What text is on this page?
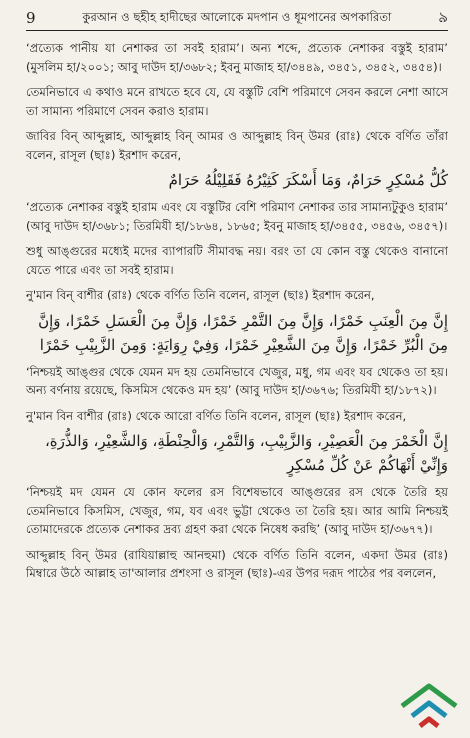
9	কুরআন ও ছহীহ হাদীছের আলোকে মদপান ও ধূমপানের অপকারিতা	৯

‘প্রত্যেক পানীয় যা নেশাকর তা সবই হারাম’। অন্য শব্দে, প্রত্যেক নেশাকর বস্তুই হারাম’ (মুসলিম হা/২০০১; আবু দাউদ হা/৩৬৮২; ইবনু মাজাহ হা/৩৪৪৯, ৩৪৫১, ৩৪৫২, ৩৪৫৪)।

তেমনিভাবে এ কথাও মনে রাখতে হবে যে, যে বস্তুটি বেশি পরিমাণে সেবন করলে নেশা আসে তা সামান্য পরিমাণে সেবন করাও হারাম।

জাবির বিন্ আব্দুল্লাহ, আব্দুল্লাহ বিন্ আমর ও আব্দুল্লাহ বিন্ উমর (রাঃ) থেকে বর্ণিত তাঁরা বলেন, রাসূল (ছাঃ) ইরশাদ করেন,

كُلُّ مُسْكِرٍ حَرَامٌ، وَمَا أَسْكَرَ كَثِيْرُهُ فَقَلِيْلُهُ حَرَامٌ

‘প্রত্যেক নেশাকর বস্তুই হারাম এবং যে বস্তুটির বেশি পরিমাণ নেশাকর তার সামান্যটুকুও হারাম’ (আবু দাউদ হা/৩৬৮১; তিরমিযী হা/১৮৬৪, ১৮৬৫; ইবনু মাজাহ হা/৩৪৫৫, ৩৪৫৬, ৩৪৫৭)।

শুধু আঙ্গুরের মধ্যেই মদের ব্যাপারটি সীমাবদ্ধ নয়। বরং তা যে কোন বস্তু থেকেও বানানো যেতে পারে এবং তা সবই হারাম।

নু'মান বিন্ বাশীর (রাঃ) থেকে বর্ণিত তিনি বলেন, রাসূল (ছাঃ) ইরশাদ করেন,

إِنَّ مِنَ الْعِنَبِ خَمْرًا، وَإِنَّ مِنَ التَّمْرِ خَمْرًا، وَإِنَّ مِنَ الْعَسَلِ خَمْرًا، وَإِنَّ مِنَ الْبُرِّ خَمْرًا، وَإِنَّ مِنَ الشَّعِيْرِ خَمْرًا، وَفِيْ رِوَايَةٍ: وَمِنَ الزَّبِيْبِ خَمْرًا

‘নিশ্চয়ই আঙ্গুর থেকে যেমন মদ হয় তেমনিভাবে খেজুর, মধু, গম এবং যব থেকেও তা হয়। অন্য বর্ণনায় রয়েছে, কিসমিস থেকেও মদ হয়’ (আবু দাউদ হা/৩৬৭৬; তিরমিযী হা/১৮৭২)।

নু'মান বিন বাশীর (রাঃ) থেকে আরো বর্ণিত তিনি বলেন, রাসূল (ছাঃ) ইরশাদ করেন,

إِنَّ الْخَمْرَ مِنَ الْعَصِيْرِ، وَالزَّبِيْبِ، وَالتَّمْرِ، وَالْحِنْطَةِ، وَالشَّعِيْرِ، وَالذُّرَةِ، وَإِنِّيْ أَنْهَاكُمْ عَنْ كُلِّ مُسْكِرٍ

‘নিশ্চয়ই মদ যেমন যে কোন ফলের রস বিশেষভাবে আঙ্গুরের রস থেকে তৈরি হয় তেমনিভাবে কিসমিস, খেজুর, গম, যব এবং ভুট্টা থেকেও তা তৈরি হয়। আর আমি নিশ্চয়ই তোমাদেরকে প্রত্যেক নেশাকর দ্রব্য গ্রহণ করা থেকে নিষেধ করছি’ (আবু দাউদ হা/৩৬৭৭)।

আব্দুল্লাহ বিন্ উমর (রাযিয়াল্লাহু আনহুমা) থেকে বর্ণিত তিনি বলেন, একদা উমর (রাঃ) মিম্বারে উঠে আল্লাহ তা'আলার প্রশংসা ও রাসূল (ছাঃ)-এর উপর দরূদ পাঠের পর বললেন,
